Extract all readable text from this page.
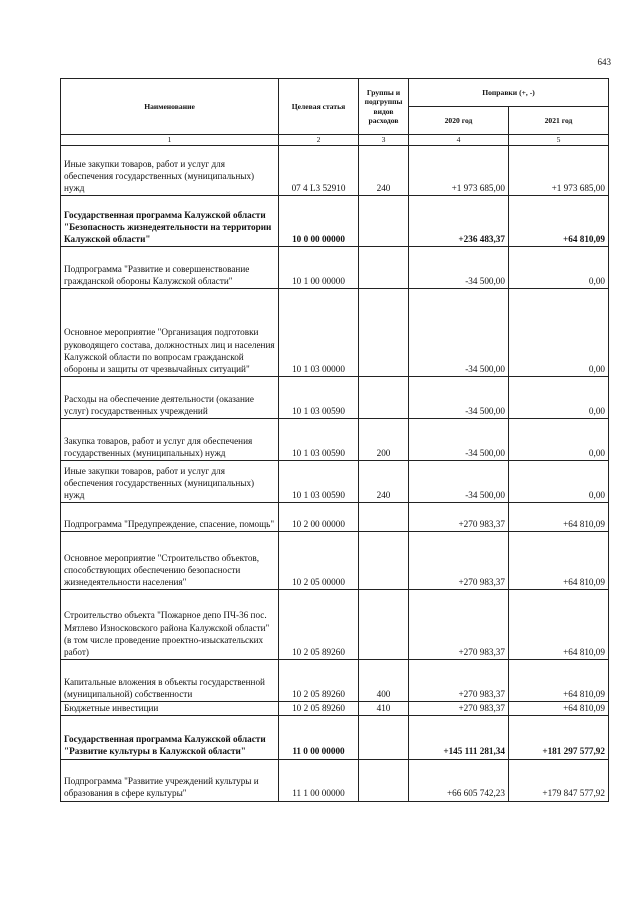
643
Наименование	Целевая статья	Группы и подгруппы видов расходов	Поправки (+, -)	
			2020 год	2021 год
1	2	3	4	5
Иные закупки товаров, работ и услуг для обеспечения государственных (муниципальных) нужд	07 4 L3 52910	240	+1 973 685,00	+1 973 685,00
Государственная программа Калужской области "Безопасность жизнедеятельности на территории Калужской области"	10 0 00 00000		+236 483,37	+64 810,09
Подпрограмма "Развитие и совершенствование гражданской обороны Калужской области"	10 1 00 00000		-34 500,00	0,00
Основное мероприятие "Организация подготовки руководящего состава, должностных лиц и населения Калужской области по вопросам гражданской обороны и защиты от чрезвычайных ситуаций"	10 1 03 00000		-34 500,00	0,00
Расходы на обеспечение деятельности (оказание услуг) государственных учреждений	10 1 03 00590		-34 500,00	0,00
Закупка товаров, работ и услуг для обеспечения государственных (муниципальных) нужд	10 1 03 00590	200	-34 500,00	0,00
Иные закупки товаров, работ и услуг для обеспечения государственных (муниципальных) нужд	10 1 03 00590	240	-34 500,00	0,00
Подпрограмма "Предупреждение, спасение, помощь"	10 2 00 00000		+270 983,37	+64 810,09
Основное мероприятие "Строительство объектов, способствующих обеспечению безопасности жизнедеятельности населения"	10 2 05 00000		+270 983,37	+64 810,09
Строительство объекта "Пожарное депо ПЧ-36 пос. Мятлево Износковского района Калужской области" (в том числе проведение проектно-изыскательских работ)	10 2 05 89260		+270 983,37	+64 810,09
Капитальные вложения в объекты государственной (муниципальной) собственности	10 2 05 89260	400	+270 983,37	+64 810,09
Бюджетные инвестиции	10 2 05 89260	410	+270 983,37	+64 810,09
Государственная программа Калужской области "Развитие культуры в Калужской области"	11 0 00 00000		+145 111 281,34	+181 297 577,92
Подпрограмма "Развитие учреждений культуры и образования в сфере культуры"	11 1 00 00000		+66 605 742,23	+179 847 577,92
